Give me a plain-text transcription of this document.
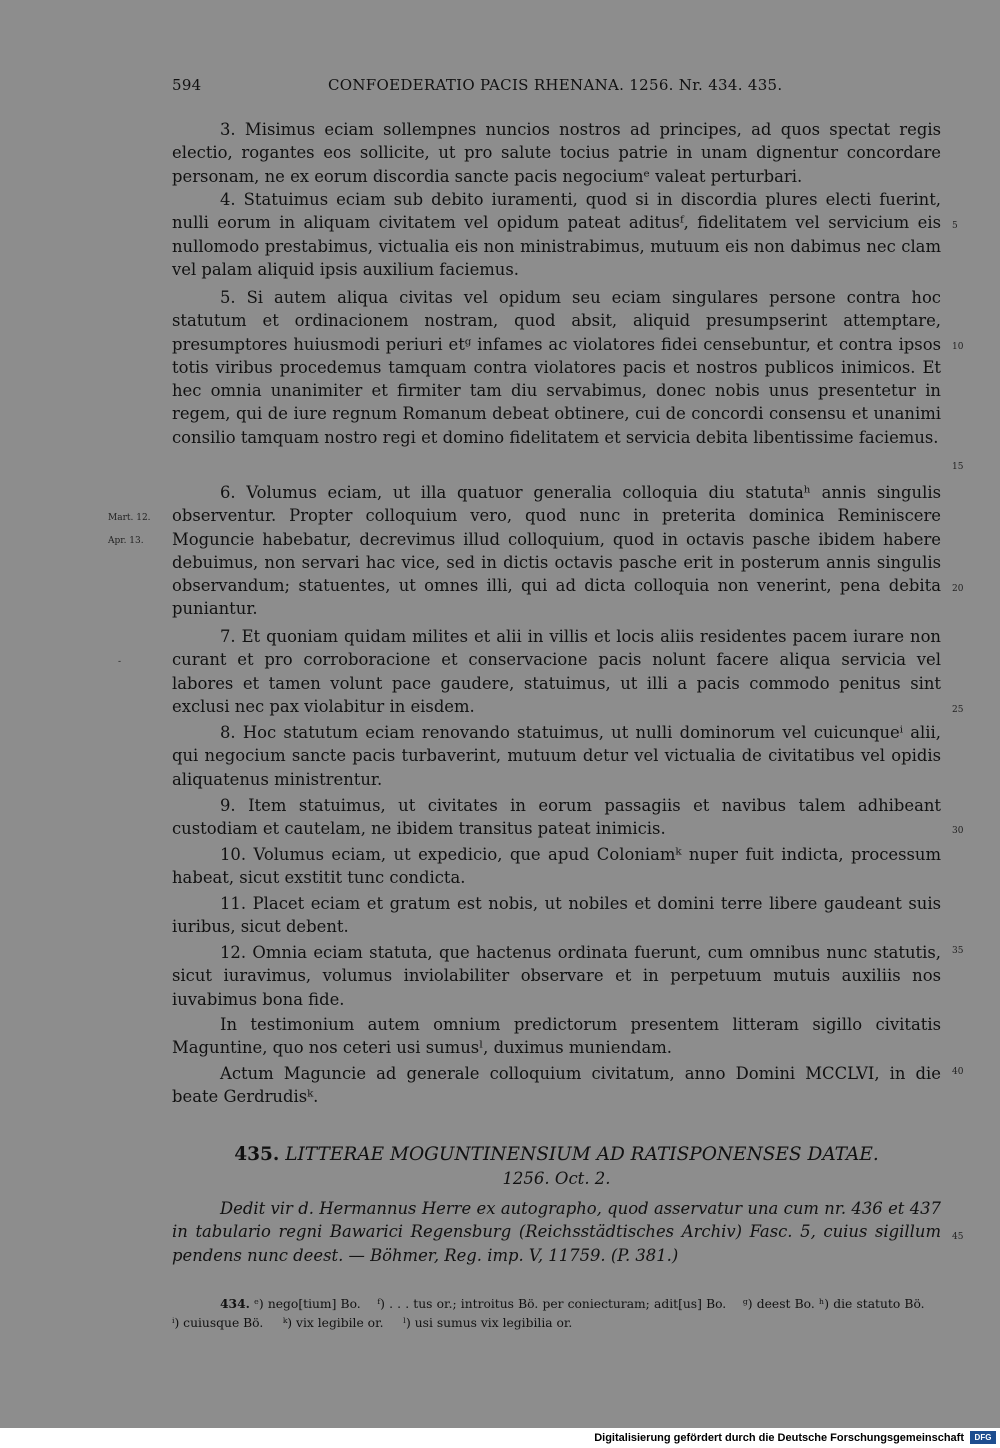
594	CONFOEDERATIO PACIS RHENANA. 1256. Nr. 434. 435.

3. Misimus eciam sollempnes nuncios nostros ad principes, ad quos spectat regis electio, rogantes eos sollicite, ut pro salute tocius patrie in unam dignentur concordare personam, ne ex eorum discordia sancte pacis negociumᵉ valeat perturbari.

4. Statuimus eciam sub debito iuramenti, quod si in discordia plures electi fuerint, nulli eorum in aliquam civitatem vel opidum pateat aditusᶠ, fidelitatem vel servicium eis nullomodo prestabimus, victualia eis non ministrabimus, mutuum eis non dabimus nec clam vel palam aliquid ipsis auxilium faciemus.

5. Si autem aliqua civitas vel opidum seu eciam singulares persone contra hoc statutum et ordinacionem nostram, quod absit, aliquid presumpserint attemptare, presumptores huiusmodi periuri etᵍ infames ac violatores fidei censebuntur, et contra ipsos totis viribus procedemus tamquam contra violatores pacis et nostros publicos inimicos. Et hec omnia unanimiter et firmiter tam diu servabimus, donec nobis unus presentetur in regem, qui de iure regnum Romanum debeat obtinere, cui de concordi consensu et unanimi consilio tamquam nostro regi et domino fidelitatem et servicia debita libentissime faciemus.

6. Volumus eciam, ut illa quatuor generalia colloquia diu statutaʰ annis singulis observentur. Propter colloquium vero, quod nunc in preterita dominica Reminiscere Moguncie habebatur, decrevimus illud colloquium, quod in octavis pasche ibidem habere debuimus, non servari hac vice, sed in dictis octavis pasche erit in posterum annis singulis observandum; statuentes, ut omnes illi, qui ad dicta colloquia non venerint, pena debita puniantur.

7. Et quoniam quidam milites et alii in villis et locis aliis residentes pacem iurare non curant et pro corroboracione et conservacione pacis nolunt facere aliqua servicia vel labores et tamen volunt pace gaudere, statuimus, ut illi a pacis commodo penitus sint exclusi nec pax violabitur in eisdem.

8. Hoc statutum eciam renovando statuimus, ut nulli dominorum vel cuicunqueⁱ alii, qui negocium sancte pacis turbaverint, mutuum detur vel victualia de civitatibus vel opidis aliquatenus ministrentur.

9. Item statuimus, ut civitates in eorum passagiis et navibus talem adhibeant custodiam et cautelam, ne ibidem transitus pateat inimicis.

10. Volumus eciam, ut expedicio, que apud Coloniamᵏ nuper fuit indicta, processum habeat, sicut exstitit tunc condicta.

11. Placet eciam et gratum est nobis, ut nobiles et domini terre libere gaudeant suis iuribus, sicut debent.

12. Omnia eciam statuta, que hactenus ordinata fuerunt, cum omnibus nunc statutis, sicut iuravimus, volumus inviolabiliter observare et in perpetuum mutuis auxiliis nos iuvabimus bona fide.

In testimonium autem omnium predictorum presentem litteram sigillo civitatis Maguntine, quo nos ceteri usi sumusˡ, duximus muniendam.

Actum Maguncie ad generale colloquium civitatum, anno Domini MCCLVI, in die beate Gerdrudisᵏ.

5
10
15
20
25
30
35
40
45
Mart. 12.
Apr. 13.
-
435. LITTERAE MOGUNTINENSIUM AD RATISPONENSES DATAE.
1256. Oct. 2.

Dedit vir d. Hermannus Herre ex autographo, quod asservatur una cum nr. 436 et 437 in tabulario regni Bawarici Regensburg (Reichsstädtisches Archiv) Fasc. 5, cuius sigillum pendens nunc deest. — Böhmer, Reg. imp. V, 11759. (P. 381.)

434. ᵉ) nego[tium] Bo. ᶠ) . . . tus or.; introitus Bö. per coniecturam; adit[us] Bo. ᵍ) deest Bo. ʰ) die statuto Bö.     ⁱ) cuiusque Bö. ᵏ) vix legibile or. ˡ) usi sumus vix legibilia or.

Digitalisierung gefördert durch die Deutsche Forschungsgemeinschaft	DFG
